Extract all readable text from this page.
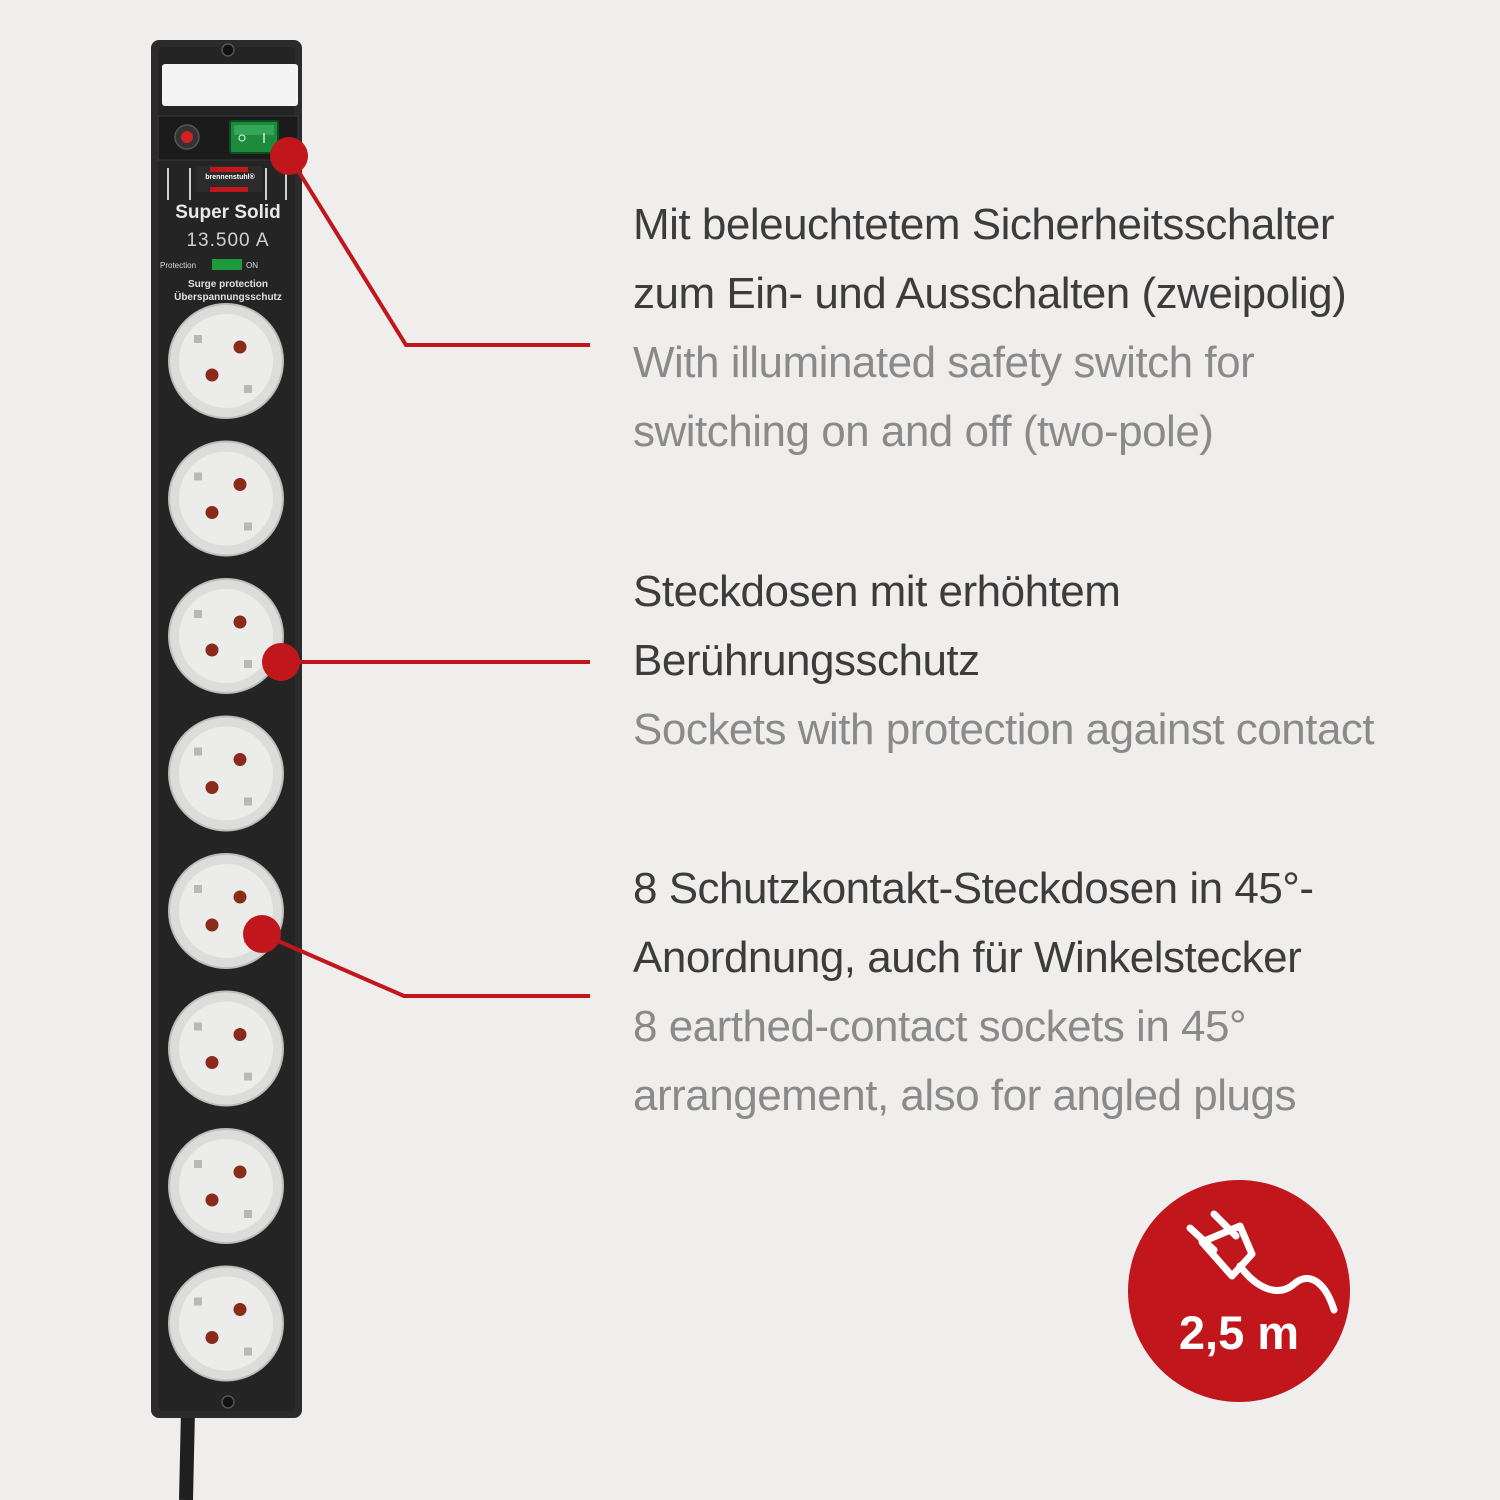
brennenstuhl®
Super Solid
13.500 A
Protection	ON
Surge protection
Überspannungsschutz
Mit beleuchtetem Sicherheitsschalter
zum Ein- und Ausschalten (zweipolig)
With illuminated safety switch for
switching on and off (two-pole)
Steckdosen mit erhöhtem
Berührungsschutz
Sockets with protection against contact
8 Schutzkontakt-Steckdosen in 45°-
Anordnung, auch für Winkelstecker
8 earthed-contact sockets in 45°
arrangement, also for angled plugs
2,5 m
